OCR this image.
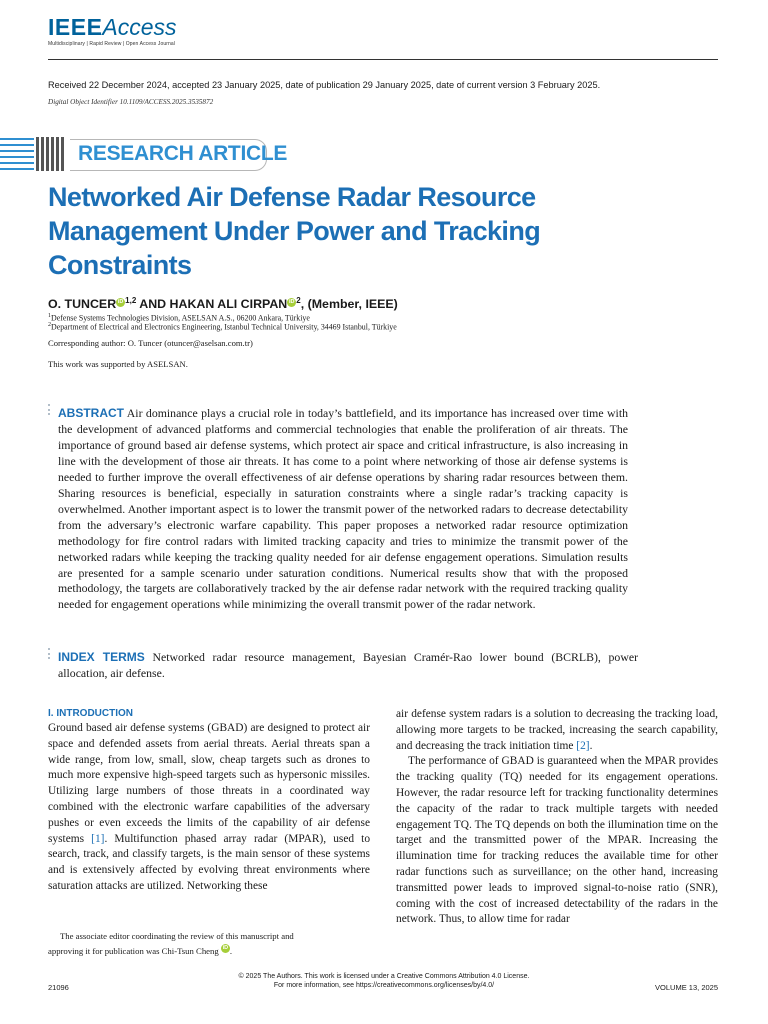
IEEEAccess
Multidisciplinary | Rapid Review | Open Access Journal
Received 22 December 2024, accepted 23 January 2025, date of publication 29 January 2025, date of current version 3 February 2025.
Digital Object Identifier 10.1109/ACCESS.2025.3535872
RESEARCH ARTICLE
Networked Air Defense Radar Resource Management Under Power and Tracking Constraints
O. TUNCER iD $^{1,2}$ AND HAKAN ALI CIRPAN iD $^2$, (Member, IEEE)
$^1$Defense Systems Technologies Division, ASELSAN A.S., 06200 Ankara, Türkiye
$^2$Department of Electrical and Electronics Engineering, Istanbul Technical University, 34469 Istanbul, Türkiye
Corresponding author: O. Tuncer (otuncer@aselsan.com.tr)
This work was supported by ASELSAN.
ABSTRACT Air dominance plays a crucial role in today’s battlefield, and its importance has increased over time with the development of advanced platforms and commercial technologies that enable the proliferation of air threats. The importance of ground based air defense systems, which protect air space and critical infrastructure, is also increasing in line with the development of those air threats. It has come to a point where networking of those air defense systems is needed to further improve the overall effectiveness of air defense operations by sharing radar resources between them. Sharing resources is beneficial, especially in saturation constraints where a single radar’s tracking capacity is overwhelmed. Another important aspect is to lower the transmit power of the networked radars to decrease detectability from the adversary’s electronic warfare capability. This paper proposes a networked radar resource optimization methodology for fire control radars with limited tracking capacity and tries to minimize the transmit power of the networked radars while keeping the tracking quality needed for air defense engagement operations. Simulation results are presented for a sample scenario under saturation conditions. Numerical results show that with the proposed methodology, the targets are collaboratively tracked by the air defense radar network with the required tracking quality needed for engagement operations while minimizing the overall transmit power of the radar network.
INDEX TERMS Networked radar resource management, Bayesian Cramér-Rao lower bound (BCRLB), power allocation, air defense.
I. INTRODUCTION

Ground based air defense systems (GBAD) are designed to protect air space and defended assets from aerial threats. Aerial threats span a wide range, from low, small, slow, cheap targets such as drones to much more expensive high-speed targets such as hypersonic missiles. Utilizing large numbers of those threats in a coordinated way combined with the electronic warfare capabilities of the adversary pushes or even exceeds the limits of the capability of air defense systems [1]. Multifunction phased array radar (MPAR), used to search, track, and classify targets, is the main sensor of these systems and is extensively affected by evolving threat environments where saturation attacks are utilized. Networking these

air defense system radars is a solution to decreasing the tracking load, allowing more targets to be tracked, increasing the search capability, and decreasing the track initiation time [2].

The performance of GBAD is guaranteed when the MPAR provides the tracking quality (TQ) needed for its engagement operations. However, the radar resource left for tracking functionality determines the capacity of the radar to track multiple targets with needed engagement TQ. The TQ depends on both the illumination time on the target and the transmitted power of the MPAR. Increasing the illumination time for tracking reduces the available time for other radar functions such as surveillance; on the other hand, increasing transmitted power leads to improved signal-to-noise ratio (SNR), coming with the cost of increased detectability of the radars in the network. Thus, to allow time for radar

The associate editor coordinating the review of this manuscript and
approving it for publication was Chi-Tsun Cheng iD .
© 2025 The Authors. This work is licensed under a Creative Commons Attribution 4.0 License.
For more information, see https://creativecommons.org/licenses/by/4.0/
21096	VOLUME 13, 2025
